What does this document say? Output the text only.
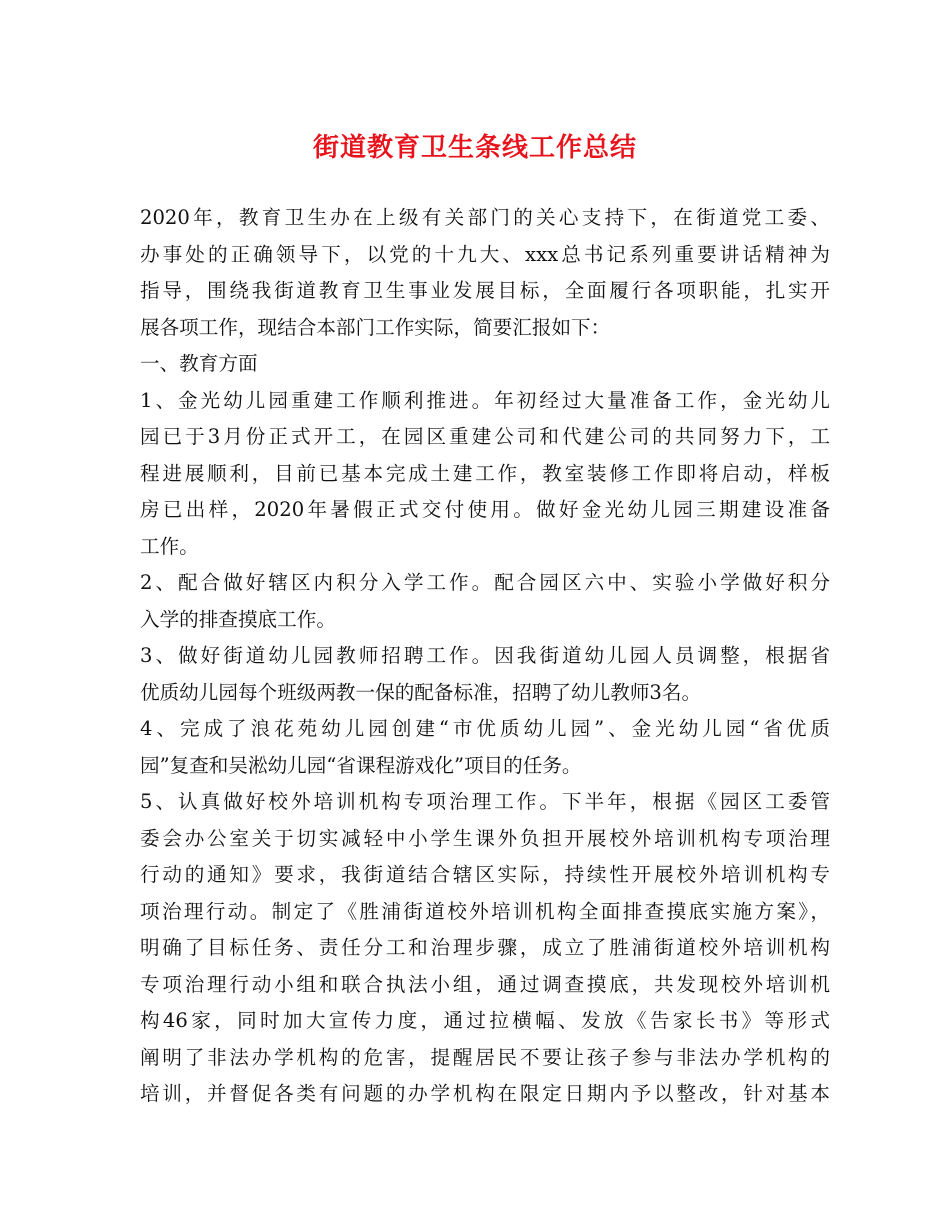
街道教育卫生条线工作总结
2020年，教育卫生办在上级有关部门的关心支持下，在街道党工委、
办事处的正确领导下，以党的十九大、xxx总书记系列重要讲话精神为
指导，围绕我街道教育卫生事业发展目标，全面履行各项职能，扎实开
展各项工作，现结合本部门工作实际，简要汇报如下：
一、教育方面
1、金光幼儿园重建工作顺利推进。年初经过大量准备工作，金光幼儿
园已于3月份正式开工，在园区重建公司和代建公司的共同努力下，工
程进展顺利，目前已基本完成土建工作，教室装修工作即将启动，样板
房已出样，2020年暑假正式交付使用。做好金光幼儿园三期建设准备
工作。
2、配合做好辖区内积分入学工作。配合园区六中、实验小学做好积分
入学的排查摸底工作。
3、做好街道幼儿园教师招聘工作。因我街道幼儿园人员调整，根据省
优质幼儿园每个班级两教一保的配备标准，招聘了幼儿教师3名。
4、完成了浪花苑幼儿园创建“市优质幼儿园”、金光幼儿园“省优质
园”复查和吴淞幼儿园“省课程游戏化”项目的任务。
5、认真做好校外培训机构专项治理工作。下半年，根据《园区工委管
委会办公室关于切实减轻中小学生课外负担开展校外培训机构专项治理
行动的通知》要求，我街道结合辖区实际，持续性开展校外培训机构专
项治理行动。制定了《胜浦街道校外培训机构全面排查摸底实施方案》，
明确了目标任务、责任分工和治理步骤，成立了胜浦街道校外培训机构
专项治理行动小组和联合执法小组，通过调查摸底，共发现校外培训机
构46家，同时加大宣传力度，通过拉横幅、发放《告家长书》等形式
阐明了非法办学机构的危害，提醒居民不要让孩子参与非法办学机构的
培训，并督促各类有问题的办学机构在限定日期内予以整改，针对基本
